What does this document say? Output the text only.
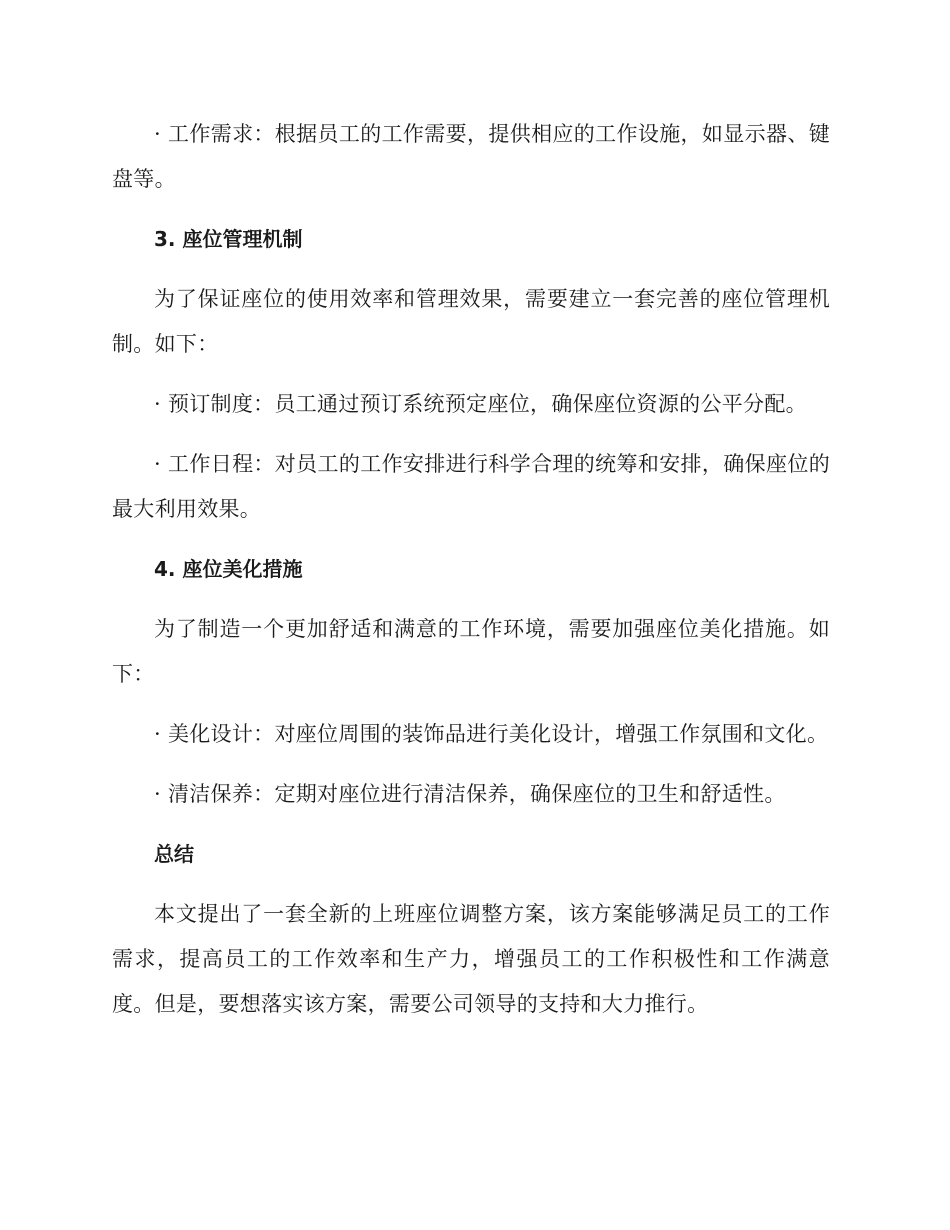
· 工作需求：根据员工的工作需要，提供相应的工作设施，如显示器、键盘等。

3. 座位管理机制

为了保证座位的使用效率和管理效果，需要建立一套完善的座位管理机制。如下：

· 预订制度：员工通过预订系统预定座位，确保座位资源的公平分配。

· 工作日程：对员工的工作安排进行科学合理的统筹和安排，确保座位的最大利用效果。

4. 座位美化措施

为了制造一个更加舒适和满意的工作环境，需要加强座位美化措施。如下：

· 美化设计：对座位周围的装饰品进行美化设计，增强工作氛围和文化。

· 清洁保养：定期对座位进行清洁保养，确保座位的卫生和舒适性。

总结

本文提出了一套全新的上班座位调整方案，该方案能够满足员工的工作需求，提高员工的工作效率和生产力，增强员工的工作积极性和工作满意度。但是，要想落实该方案，需要公司领导的支持和大力推行。
